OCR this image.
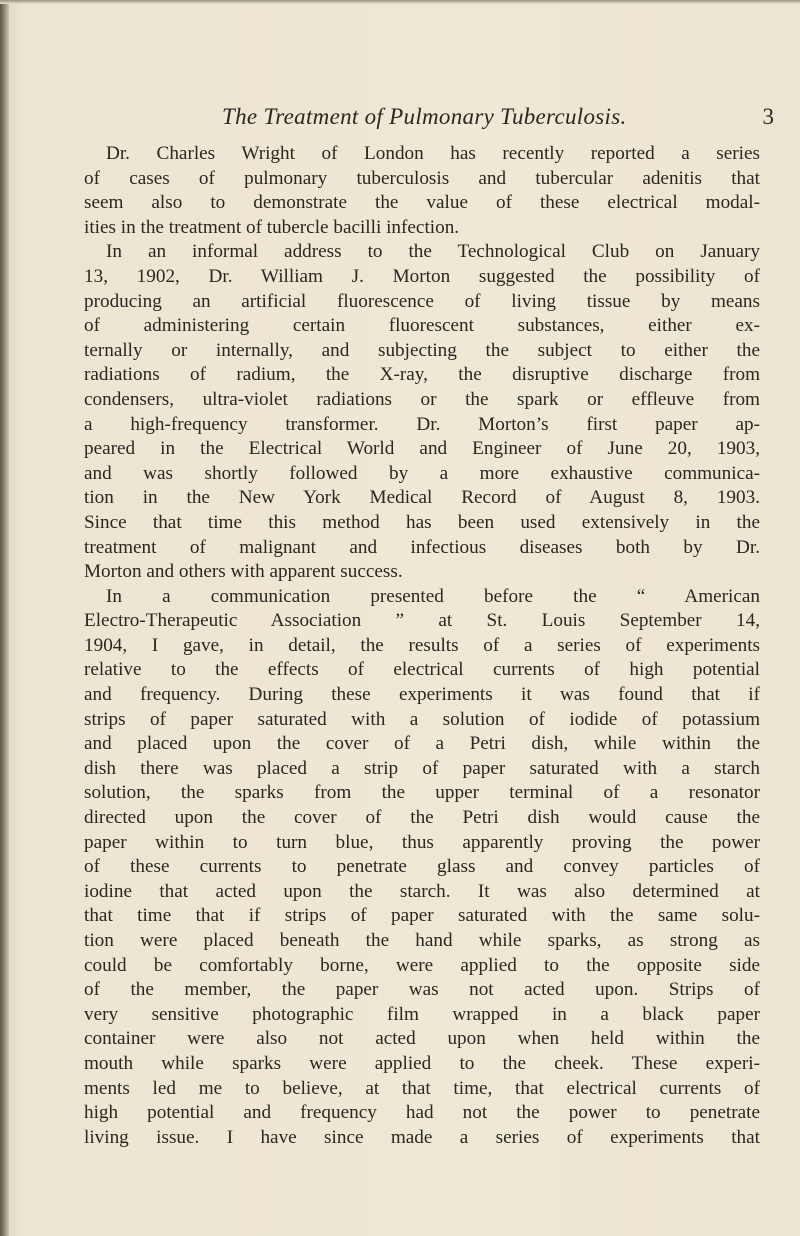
The Treatment of Pulmonary Tuberculosis.	3
Dr. Charles Wright of London has recently reported a series
of cases of pulmonary tuberculosis and tubercular adenitis that
seem also to demonstrate the value of these electrical modal-
ities in the treatment of tubercle bacilli infection.
In an informal address to the Technological Club on January
13, 1902, Dr. William J. Morton suggested the possibility of
producing an artificial fluorescence of living tissue by means
of administering certain fluorescent substances, either ex-
ternally or internally, and subjecting the subject to either the
radiations of radium, the X-ray, the disruptive discharge from
condensers, ultra-violet radiations or the spark or effleuve from
a high-frequency transformer. Dr. Morton’s first paper ap-
peared in the Electrical World and Engineer of June 20, 1903,
and was shortly followed by a more exhaustive communica-
tion in the New York Medical Record of August 8, 1903.
Since that time this method has been used extensively in the
treatment of malignant and infectious diseases both by Dr.
Morton and others with apparent success.
In a communication presented before the “ American
Electro-Therapeutic Association ” at St. Louis September 14,
1904, I gave, in detail, the results of a series of experiments
relative to the effects of electrical currents of high potential
and frequency. During these experiments it was found that if
strips of paper saturated with a solution of iodide of potassium
and placed upon the cover of a Petri dish, while within the
dish there was placed a strip of paper saturated with a starch
solution, the sparks from the upper terminal of a resonator
directed upon the cover of the Petri dish would cause the
paper within to turn blue, thus apparently proving the power
of these currents to penetrate glass and convey particles of
iodine that acted upon the starch. It was also determined at
that time that if strips of paper saturated with the same solu-
tion were placed beneath the hand while sparks, as strong as
could be comfortably borne, were applied to the opposite side
of the member, the paper was not acted upon. Strips of
very sensitive photographic film wrapped in a black paper
container were also not acted upon when held within the
mouth while sparks were applied to the cheek. These experi-
ments led me to believe, at that time, that electrical currents of
high potential and frequency had not the power to penetrate
living issue. I have since made a series of experiments that
